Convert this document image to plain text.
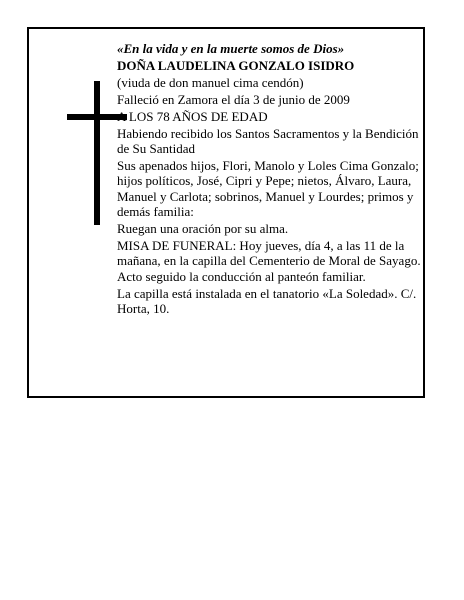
«En la vida y en la muerte somos de Dios»

DOÑA LAUDELINA GONZALO ISIDRO

(viuda de don manuel cima cendón)

Falleció en Zamora el día 3 de junio de 2009

A LOS 78 AÑOS DE EDAD

Habiendo recibido los Santos Sacramentos y la Bendición de Su Santidad

Sus apenados hijos, Flori, Manolo y Loles Cima Gonzalo; hijos políticos, José, Cipri y Pepe; nietos, Álvaro, Laura, Manuel y Carlota; sobrinos, Manuel y Lourdes; primos y demás familia:

Ruegan una oración por su alma.

MISA DE FUNERAL: Hoy jueves, día 4, a las 11 de la mañana, en la capilla del Cementerio de Moral de Sayago. Acto seguido la conducción al panteón familiar.

La capilla está instalada en el tanatorio «La Soledad». C/. Horta, 10.
